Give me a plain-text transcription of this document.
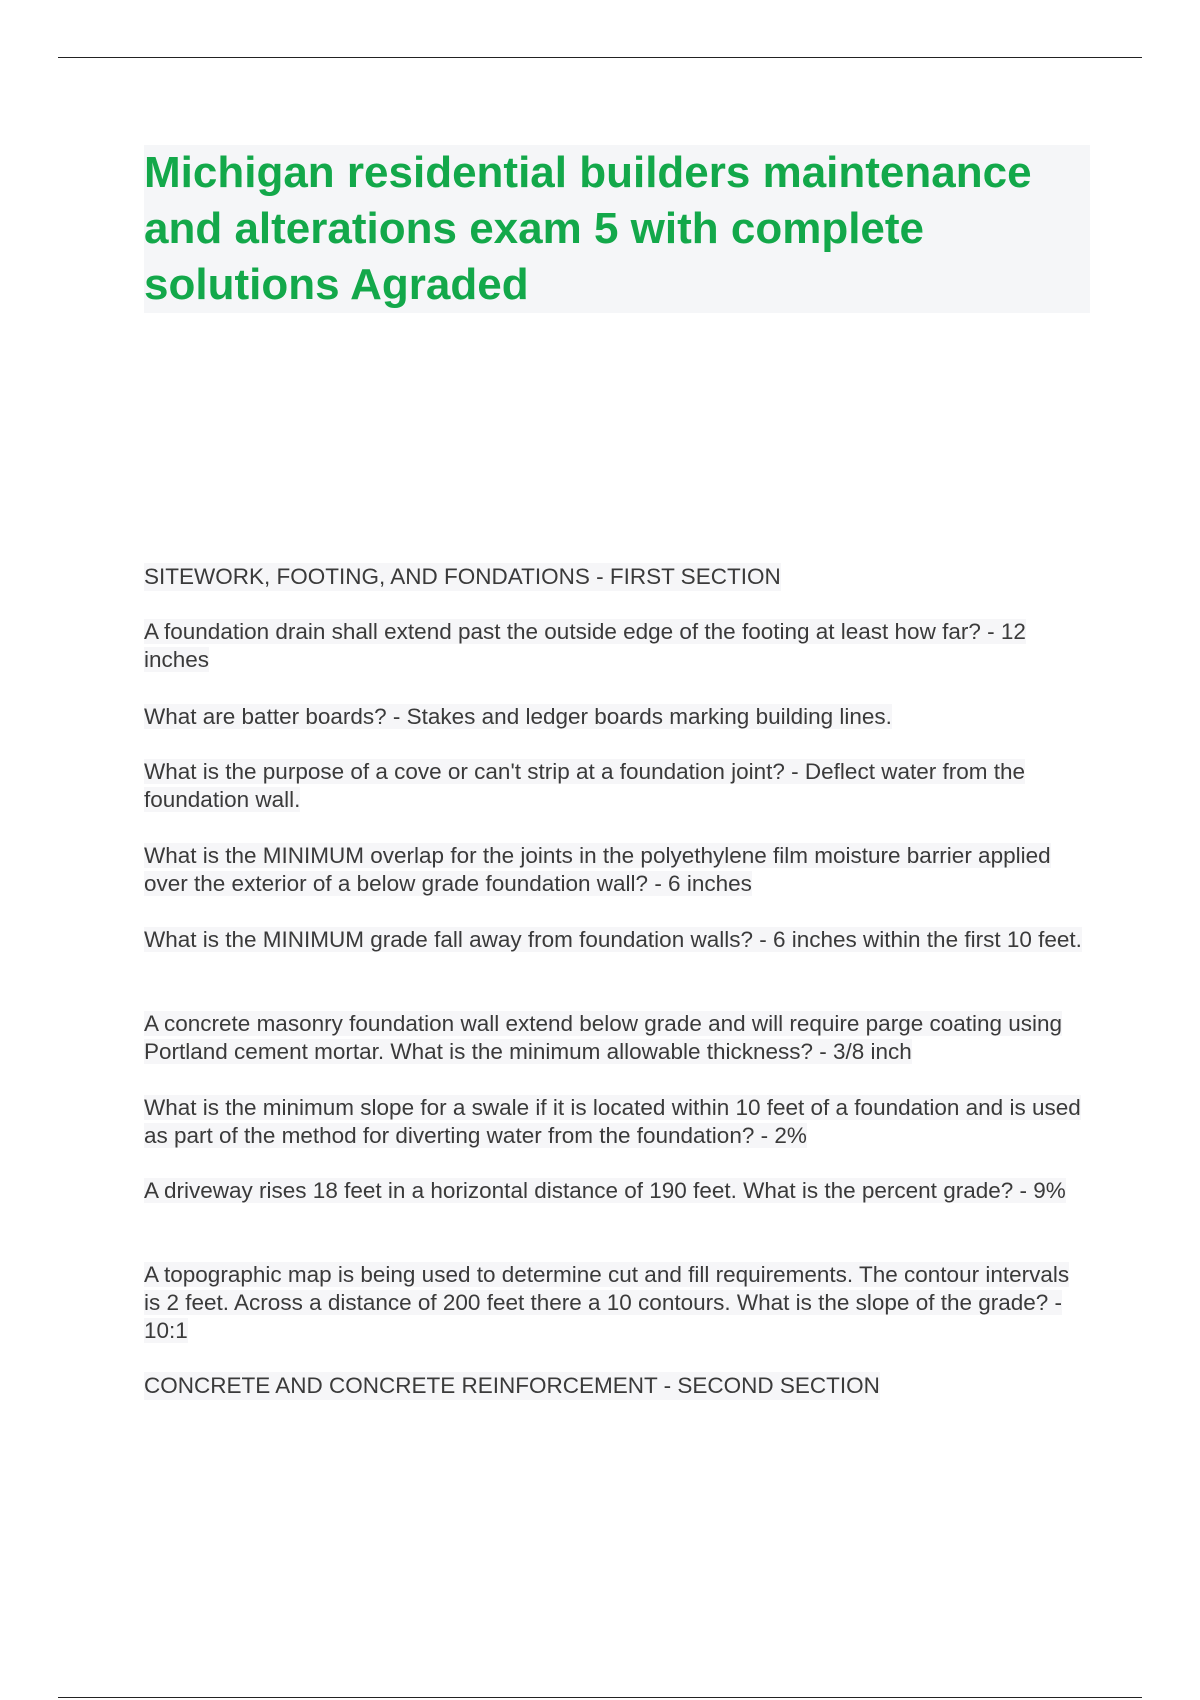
Michigan residential builders maintenance and alterations exam 5 with complete solutions Agraded
SITEWORK, FOOTING, AND FONDATIONS - FIRST SECTION
A foundation drain shall extend past the outside edge of the footing at least how far? - 12 inches
What are batter boards? - Stakes and ledger boards marking building lines.
What is the purpose of a cove or can't strip at a foundation joint? - Deflect water from the foundation wall.
What is the MINIMUM overlap for the joints in the polyethylene film moisture barrier applied over the exterior of a below grade foundation wall? - 6 inches
What is the MINIMUM grade fall away from foundation walls? - 6 inches within the first 10 feet.
A concrete masonry foundation wall extend below grade and will require parge coating using Portland cement mortar. What is the minimum allowable thickness? - 3/8 inch
What is the minimum slope for a swale if it is located within 10 feet of a foundation and is used as part of the method for diverting water from the foundation? - 2%
A driveway rises 18 feet in a horizontal distance of 190 feet. What is the percent grade? - 9%
A topographic map is being used to determine cut and fill requirements. The contour intervals is 2 feet. Across a distance of 200 feet there a 10 contours. What is the slope of the grade? - 10:1
CONCRETE AND CONCRETE REINFORCEMENT - SECOND SECTION
